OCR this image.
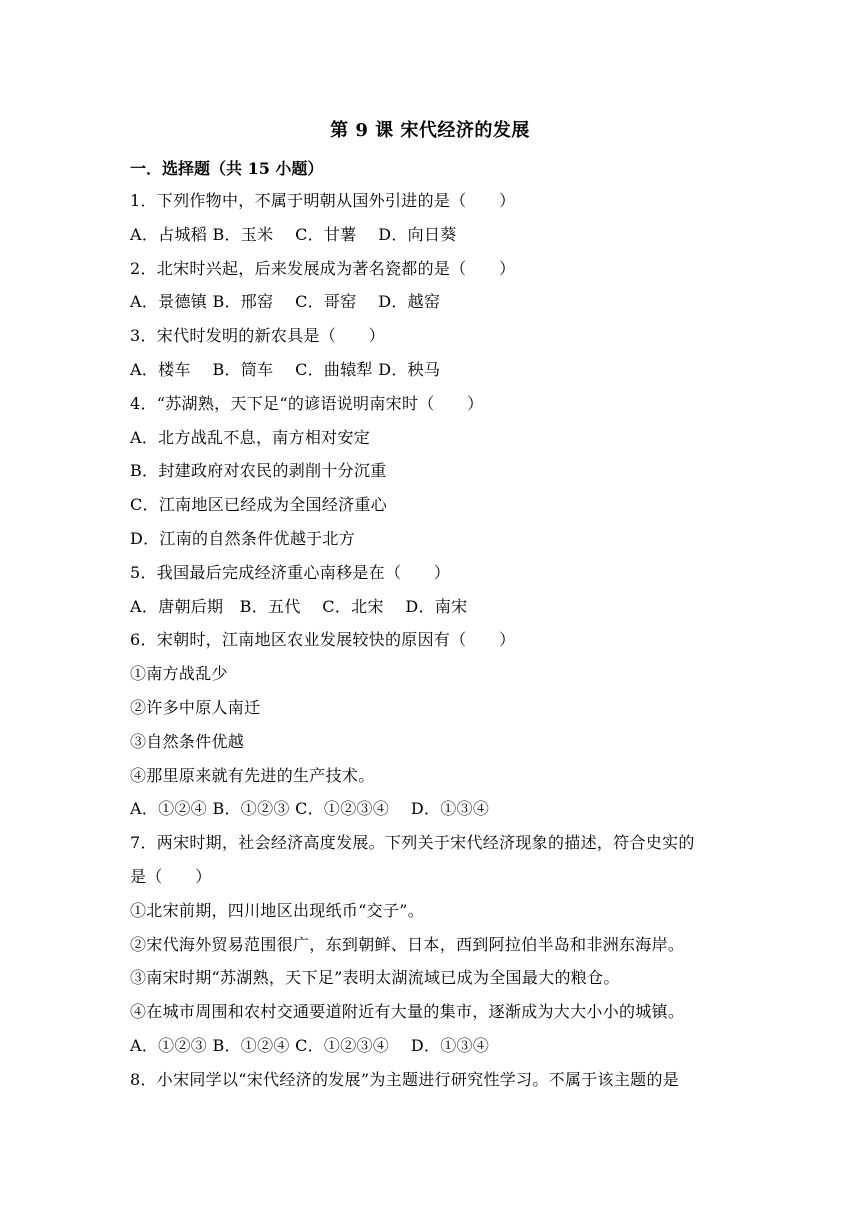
第 9 课 宋代经济的发展
一．选择题（共 15 小题）
1．下列作物中，不属于明朝从国外引进的是（　　）
A．占城稻 B．玉米　 C．甘薯　 D．向日葵
2．北宋时兴起，后来发展成为著名瓷都的是（　　）
A．景德镇 B．邢窑　 C．哥窑　 D．越窑
3．宋代时发明的新农具是（　　）
A．楼车　 B．筒车　 C．曲辕犁 D．秧马
4．“苏湖熟，天下足“的谚语说明南宋时（　　）
A．北方战乱不息，南方相对安定
B．封建政府对农民的剥削十分沉重
C．江南地区已经成为全国经济重心
D．江南的自然条件优越于北方
5．我国最后完成经济重心南移是在（　　）
A．唐朝后期　B．五代　 C．北宋　 D．南宋
6．宋朝时，江南地区农业发展较快的原因有（　　）
①南方战乱少
②许多中原人南迁
③自然条件优越
④那里原来就有先进的生产技术。
A．①②④ B．①②③ C．①②③④　 D．①③④
7．两宋时期，社会经济高度发展。下列关于宋代经济现象的描述，符合史实的
是（　　）
①北宋前期，四川地区出现纸币“交子”。
②宋代海外贸易范围很广，东到朝鲜、日本，西到阿拉伯半岛和非洲东海岸。
③南宋时期“苏湖熟，天下足”表明太湖流域已成为全国最大的粮仓。
④在城市周围和农村交通要道附近有大量的集市，逐渐成为大大小小的城镇。
A．①②③ B．①②④ C．①②③④　 D．①③④
8．小宋同学以“宋代经济的发展”为主题进行研究性学习。不属于该主题的是
